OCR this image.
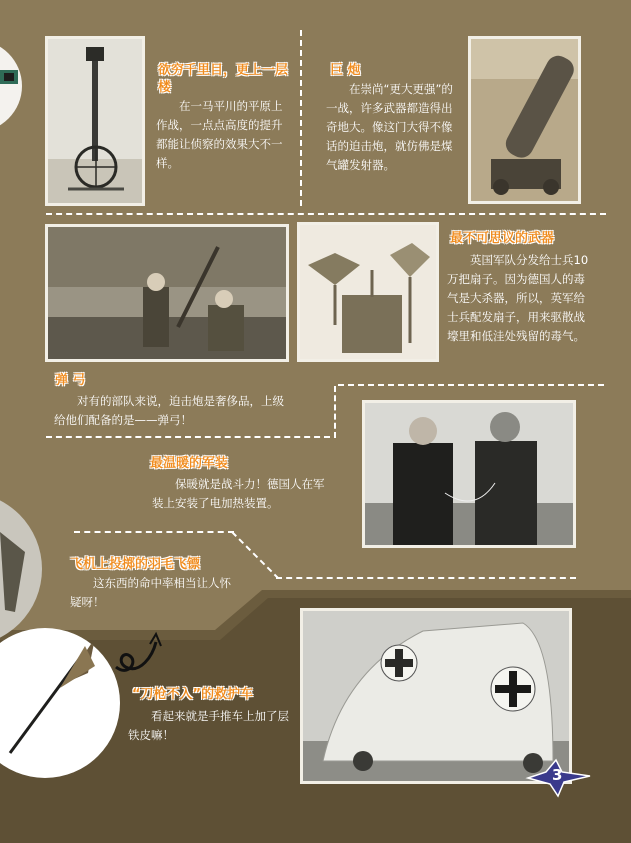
欲穷千里目，更上一层楼
在一马平川的平原上作战，一点点高度的提升都能让侦察的效果大不一样。
巨 炮
在崇尚“更大更强”的一战，许多武器都造得出奇地大。像这门大得不像话的迫击炮，就仿佛是煤气罐发射器。
最不可思议的武器
英国军队分发给士兵10万把扇子。因为德国人的毒气是大杀器，所以，英军给士兵配发扇子，用来驱散战壕里和低洼处残留的毒气。
弹 弓
对有的部队来说，迫击炮是奢侈品，上级给他们配备的是——弹弓！
最温暖的军装
保暖就是战斗力！德国人在军装上安装了电加热装置。
飞机上投掷的羽毛飞镖
这东西的命中率相当让人怀疑呀！
“刀枪不入”的救护车
看起来就是手推车上加了层铁皮嘛！
3
